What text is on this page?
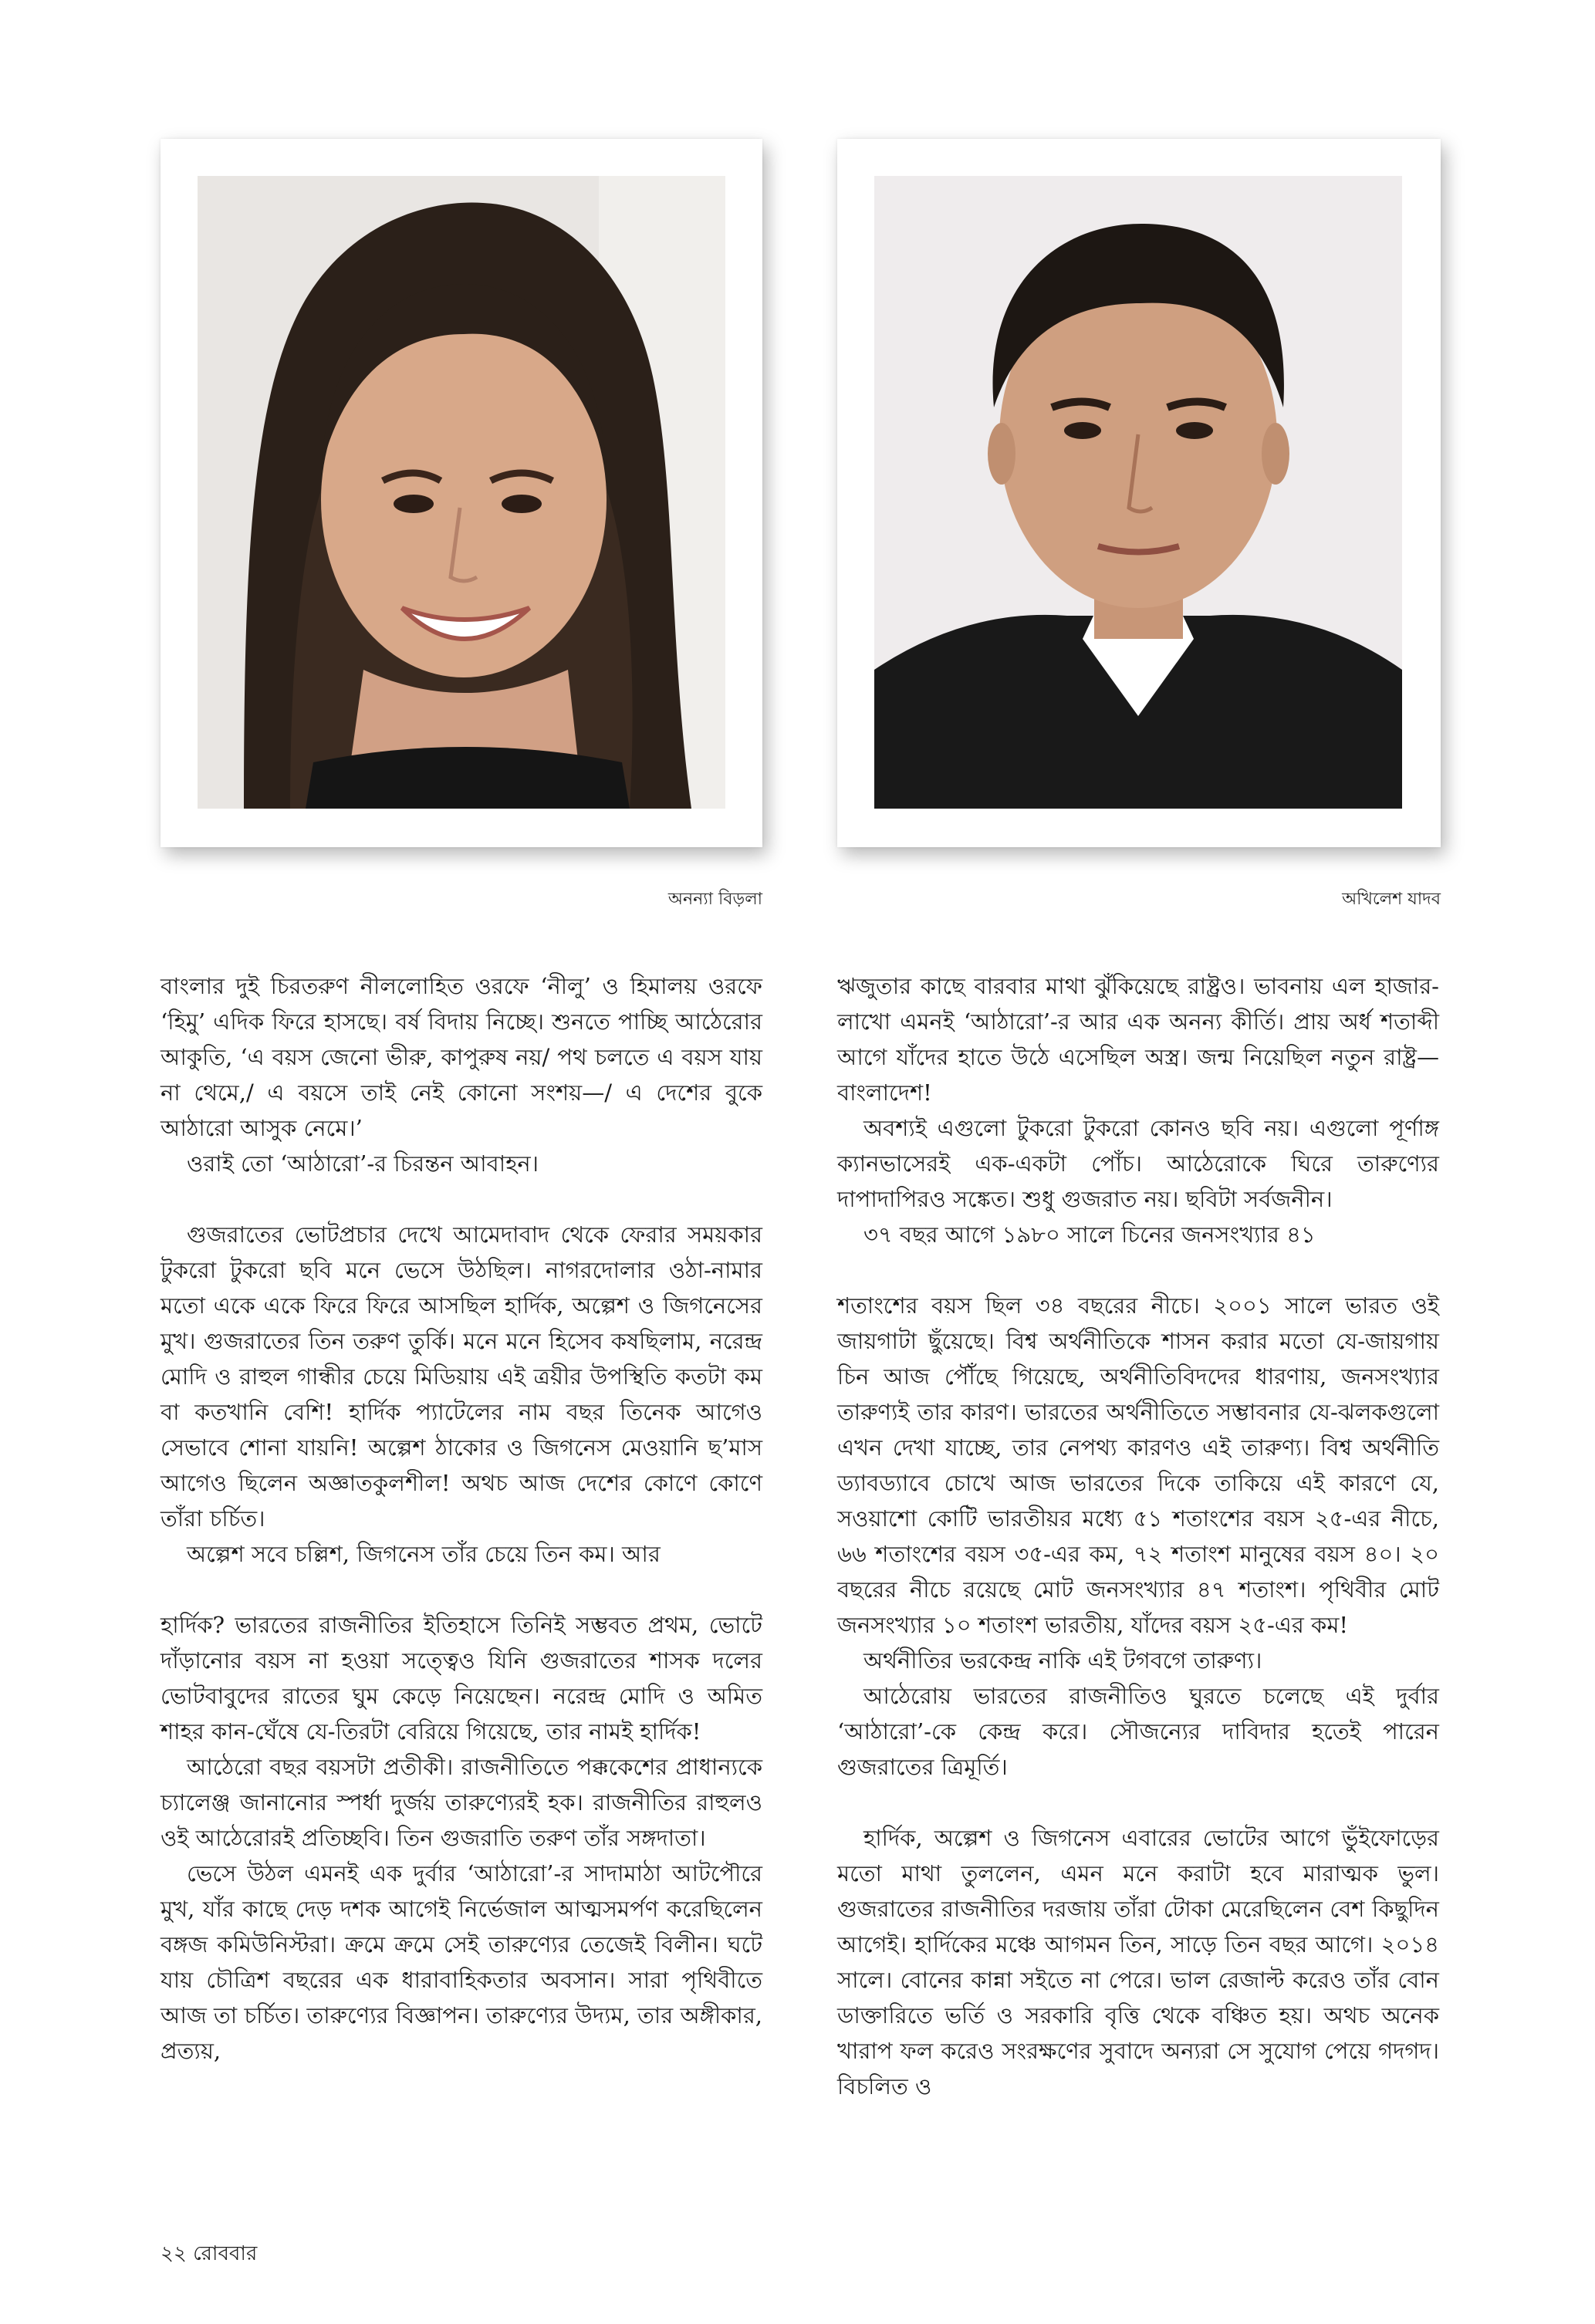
অনন্যা বিড়লা	অখিলেশ যাদব

বাংলার দুই চিরতরুণ নীললোহিত ওরফে ‘নীলু’ ও হিমালয় ওরফে ‘হিমু’ এদিক ফিরে হাসছে। বর্ষ বিদায় নিচ্ছে। শুনতে পাচ্ছি আঠেরোর আকুতি, ‘এ বয়স জেনো ভীরু, কাপুরুষ নয়/ পথ চলতে এ বয়স যায় না থেমে,/ এ বয়সে তাই নেই কোনো সংশয়—/ এ দেশের বুকে আঠারো আসুক নেমে।’

ওরাই তো ‘আঠারো’-র চিরন্তন আবাহন।

গুজরাতের ভোটপ্রচার দেখে আমেদাবাদ থেকে ফেরার সময়কার টুকরো টুকরো ছবি মনে ভেসে উঠছিল। নাগরদোলার ওঠা-নামার মতো একে একে ফিরে ফিরে আসছিল হার্দিক, অল্পেশ ও জিগনেসের মুখ। গুজরাতের তিন তরুণ তুর্কি। মনে মনে হিসেব কষছিলাম, নরেন্দ্র মোদি ও রাহুল গান্ধীর চেয়ে মিডিয়ায় এই ত্রয়ীর উপস্থিতি কতটা কম বা কতখানি বেশি! হার্দিক প্যাটেলের নাম বছর তিনেক আগেও সেভাবে শোনা যায়নি! অল্পেশ ঠাকোর ও জিগনেস মেওয়ানি ছ’মাস আগেও ছিলেন অজ্ঞাতকুলশীল! অথচ আজ দেশের কোণে কোণে তাঁরা চর্চিত।

অল্পেশ সবে চল্লিশ, জিগনেস তাঁর চেয়ে তিন কম। আর

হার্দিক? ভারতের রাজনীতির ইতিহাসে তিনিই সম্ভবত প্রথম, ভোটে দাঁড়ানোর বয়স না হওয়া সত্ত্বেও যিনি গুজরাতের শাসক দলের ভোটবাবুদের রাতের ঘুম কেড়ে নিয়েছেন। নরেন্দ্র মোদি ও অমিত শাহর কান-ঘেঁষে যে-তিরটা বেরিয়ে গিয়েছে, তার নামই হার্দিক!

আঠেরো বছর বয়সটা প্রতীকী। রাজনীতিতে পক্ককেশের প্রাধান্যকে চ্যালেঞ্জ জানানোর স্পর্ধা দুর্জয় তারুণ্যেরই হক। রাজনীতির রাহুলও ওই আঠেরোরই প্রতিচ্ছবি। তিন গুজরাতি তরুণ তাঁর সঙ্গদাতা।

ভেসে উঠল এমনই এক দুর্বার ‘আঠারো’-র সাদামাঠা আটপৌরে মুখ, যাঁর কাছে দেড় দশক আগেই নির্ভেজাল আত্মসমর্পণ করেছিলেন বঙ্গজ কমিউনিস্টরা। ক্রমে ক্রমে সেই তারুণ্যের তেজেই বিলীন। ঘটে যায় চৌত্রিশ বছরের এক ধারাবাহিকতার অবসান। সারা পৃথিবীতে আজ তা চর্চিত। তারুণ্যের বিজ্ঞাপন। তারুণ্যের উদ্যম, তার অঙ্গীকার, প্রত্যয়,

ঋজুতার কাছে বারবার মাথা ঝুঁকিয়েছে রাষ্ট্রও। ভাবনায় এল হাজার-লাখো এমনই ‘আঠারো’-র আর এক অনন্য কীর্তি। প্রায় অর্ধ শতাব্দী আগে যাঁদের হাতে উঠে এসেছিল অস্ত্র। জন্ম নিয়েছিল নতুন রাষ্ট্র— বাংলাদেশ!

অবশ্যই এগুলো টুকরো টুকরো কোনও ছবি নয়। এগুলো পূর্ণাঙ্গ ক্যানভাসেরই এক-একটা পোঁচ। আঠেরোকে ঘিরে তারুণ্যের দাপাদাপিরও সঙ্কেত। শুধু গুজরাত নয়। ছবিটা সর্বজনীন।

৩৭ বছর আগে ১৯৮০ সালে চিনের জনসংখ্যার ৪১

শতাংশের বয়স ছিল ৩৪ বছরের নীচে। ২০০১ সালে ভারত ওই জায়গাটা ছুঁয়েছে। বিশ্ব অর্থনীতিকে শাসন করার মতো যে-জায়গায় চিন আজ পৌঁছে গিয়েছে, অর্থনীতিবিদদের ধারণায়, জনসংখ্যার তারুণ্যই তার কারণ। ভারতের অর্থনীতিতে সম্ভাবনার যে-ঝলকগুলো এখন দেখা যাচ্ছে, তার নেপথ্য কারণও এই তারুণ্য। বিশ্ব অর্থনীতি ড্যাবড্যাবে চোখে আজ ভারতের দিকে তাকিয়ে এই কারণে যে, সওয়াশো কোটি ভারতীয়র মধ্যে ৫১ শতাংশের বয়স ২৫-এর নীচে, ৬৬ শতাংশের বয়স ৩৫-এর কম, ৭২ শতাংশ মানুষের বয়স ৪০। ২০ বছরের নীচে রয়েছে মোট জনসংখ্যার ৪৭ শতাংশ। পৃথিবীর মোট জনসংখ্যার ১০ শতাংশ ভারতীয়, যাঁদের বয়স ২৫-এর কম!

অর্থনীতির ভরকেন্দ্র নাকি এই টগবগে তারুণ্য।

আঠেরোয় ভারতের রাজনীতিও ঘুরতে চলেছে এই দুর্বার ‘আঠারো’-কে কেন্দ্র করে। সৌজন্যের দাবিদার হতেই পারেন গুজরাতের ত্রিমূর্তি।

হার্দিক, অল্পেশ ও জিগনেস এবারের ভোটের আগে ভুঁইফোড়ের মতো মাথা তুললেন, এমন মনে করাটা হবে মারাত্মক ভুল। গুজরাতের রাজনীতির দরজায় তাঁরা টোকা মেরেছিলেন বেশ কিছুদিন আগেই। হার্দিকের মঞ্চে আগমন তিন, সাড়ে তিন বছর আগে। ২০১৪ সালে। বোনের কান্না সইতে না পেরে। ভাল রেজাল্ট করেও তাঁর বোন ডাক্তারিতে ভর্তি ও সরকারি বৃত্তি থেকে বঞ্চিত হয়। অথচ অনেক খারাপ ফল করেও সংরক্ষণের সুবাদে অন্যরা সে সুযোগ পেয়ে গদগদ। বিচলিত ও

২২ রোববার
